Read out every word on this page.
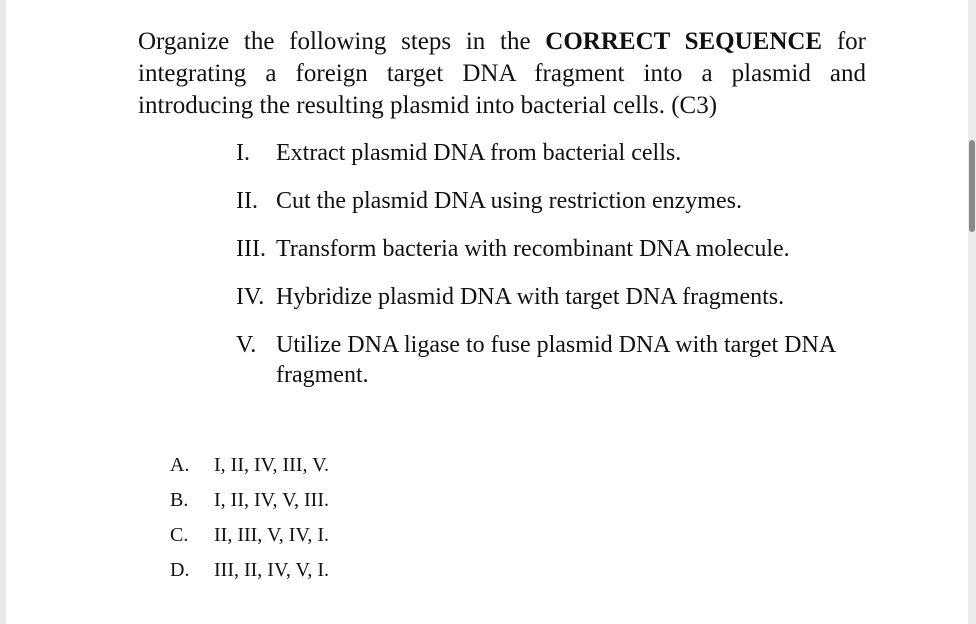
Organize the following steps in the CORRECT SEQUENCE for integrating a foreign target DNA fragment into a plasmid and introducing the resulting plasmid into bacterial cells. (C3)
I.	Extract plasmid DNA from bacterial cells.
II. Cut the plasmid DNA using restriction enzymes.
III. Transform bacteria with recombinant DNA molecule.
IV. Hybridize plasmid DNA with target DNA fragments.
V. Utilize DNA ligase to fuse plasmid DNA with target DNA fragment.
A.	I, II, IV, III, V.
B.	I, II, IV, V, III.
C.	II, III, V, IV, I.
D.	III, II, IV, V, I.
